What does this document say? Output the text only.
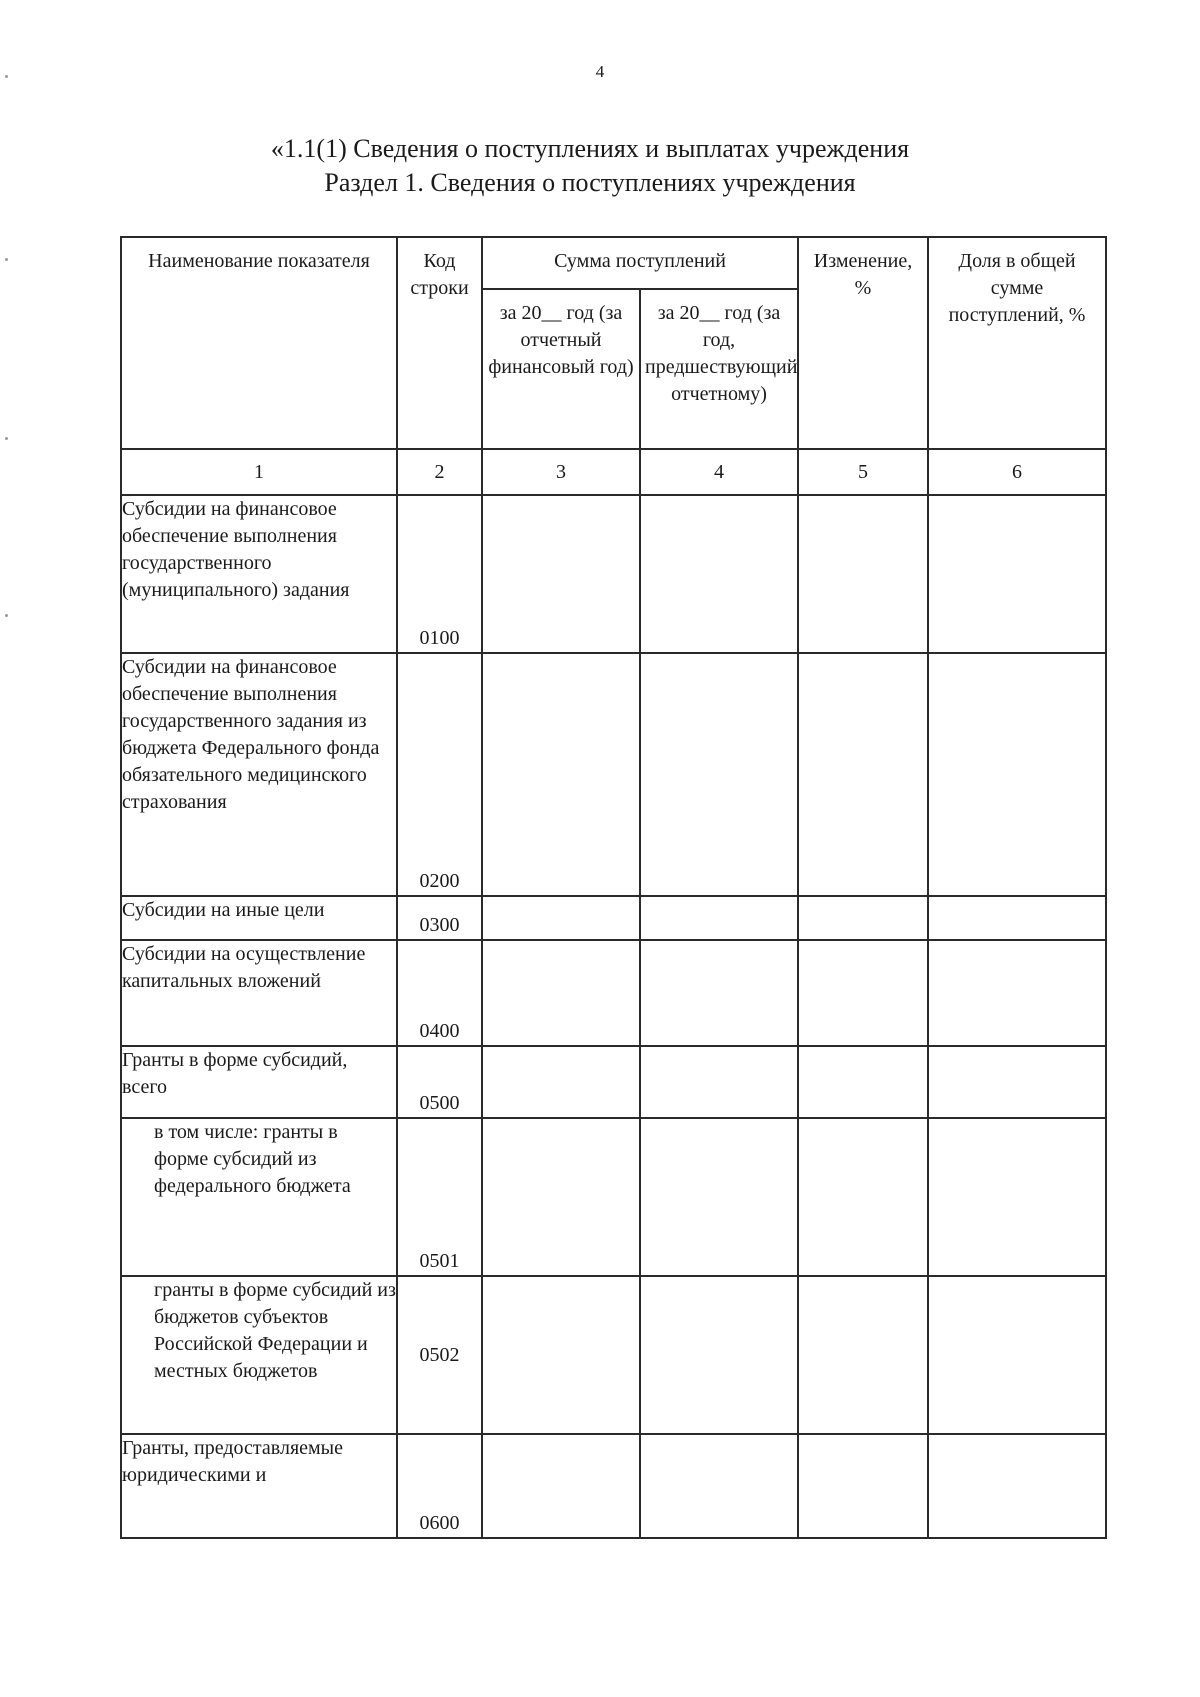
4
«1.1(1) Сведения о поступлениях и выплатах учреждения
Раздел 1. Сведения о поступлениях учреждения
Наименование показателя	Код строки	Сумма поступлений		Изменение, %	Доля в общей сумме поступлений, %
		за 20__ год (за отчетный финансовый год)	за 20__ год (за год, предшествующий отчетному)		
1	2	3	4	5	6
Субсидии на финансовое обеспечение выполнения государственного (муниципального) задания	0100				
Субсидии на финансовое обеспечение выполнения государственного задания из бюджета Федерального фонда обязательного медицинского страхования	0200				
Субсидии на иные цели	0300				
Субсидии на осуществление капитальных вложений	0400				
Гранты в форме субсидий, всего	0500				
в том числе: гранты в форме субсидий из федерального бюджета	0501				
гранты в форме субсидий из бюджетов субъектов Российской Федерации и местных бюджетов	0502				
Гранты, предоставляемые юридическими и	0600				
